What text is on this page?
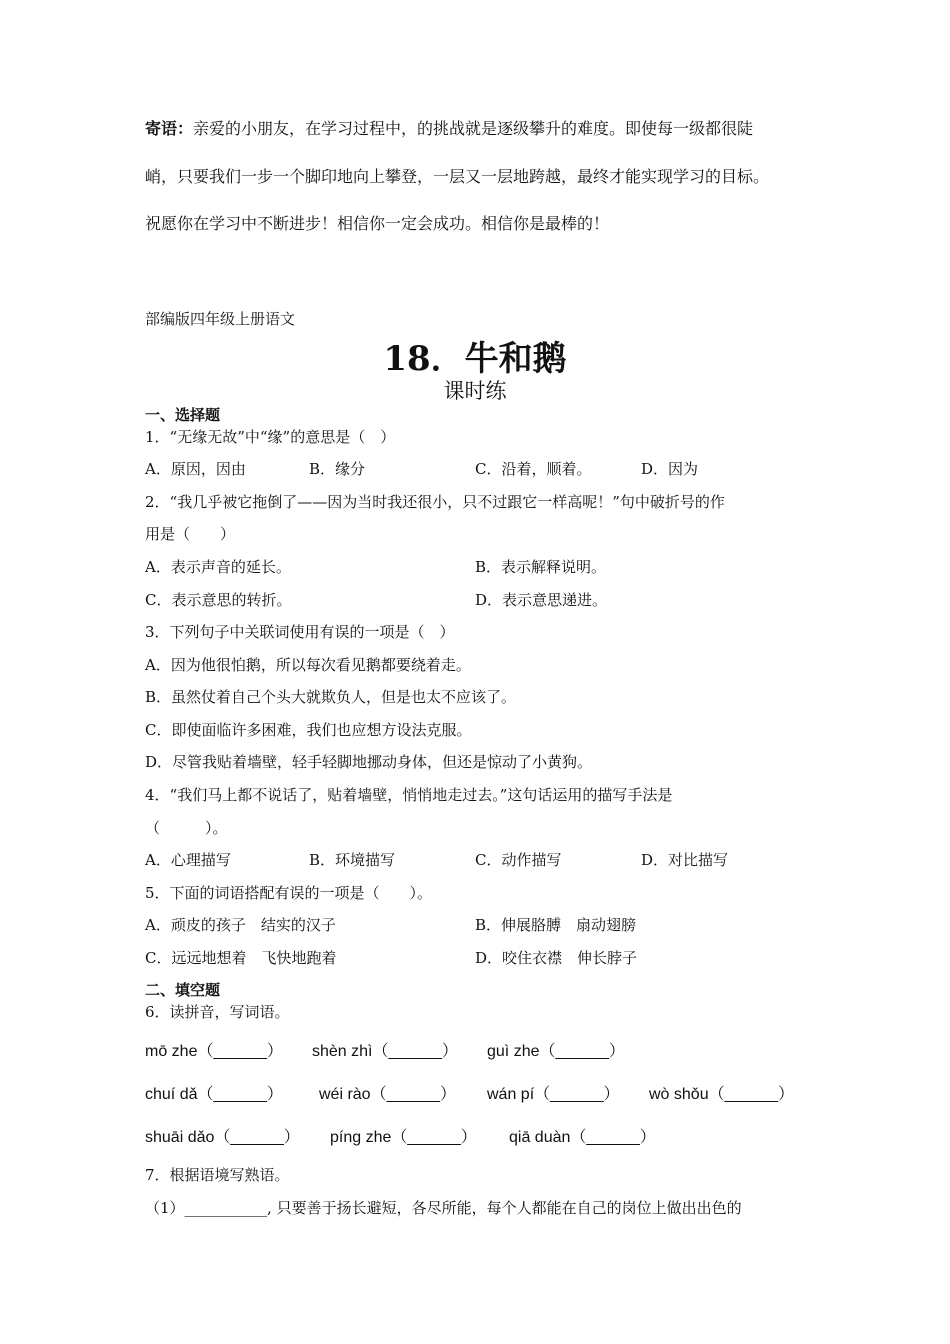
寄语：亲爱的小朋友，在学习过程中，的挑战就是逐级攀升的难度。即使每一级都很陡
峭，只要我们一步一个脚印地向上攀登，一层又一层地跨越，最终才能实现学习的目标。
祝愿你在学习中不断进步！相信你一定会成功。相信你是最棒的！
部编版四年级上册语文
18．牛和鹅
课时练
一、选择题
1．“无缘无故”中“缘”的意思是（　）
A．原因，因由	B．缘分	C．沿着，顺着。	D．因为
2．“我几乎被它拖倒了——因为当时我还很小，只不过跟它一样高呢！”句中破折号的作
用是（　　）
A．表示声音的延长。	B．表示解释说明。
C．表示意思的转折。	D．表示意思递进。
3．下列句子中关联词使用有误的一项是（　）
A．因为他很怕鹅，所以每次看见鹅都要绕着走。
B．虽然仗着自己个头大就欺负人，但是也太不应该了。
C．即使面临许多困难，我们也应想方设法克服。
D．尽管我贴着墙壁，轻手轻脚地挪动身体，但还是惊动了小黄狗。
4．“我们马上都不说话了，贴着墙壁，悄悄地走过去。”这句话运用的描写手法是
（　　　）。
A．心理描写	B．环境描写	C．动作描写	D．对比描写
5．下面的词语搭配有误的一项是（　　）。
A．顽皮的孩子　结实的汉子	B．伸展胳膊　扇动翅膀
C．远远地想着　飞快地跑着	D．咬住衣襟　伸长脖子
二、填空题
6．读拼音，写词语。
mō zhe（______） shèn zhì（______） guì zhe（______）
chuí dǎ（______） wéi rào（______） wán pí（______） wò shǒu（______）
shuāi dǎo（______） píng zhe（______） qiā duàn（______）
7．根据语境写熟语。
（1）___________, 只要善于扬长避短，各尽所能，每个人都能在自己的岗位上做出出色的
